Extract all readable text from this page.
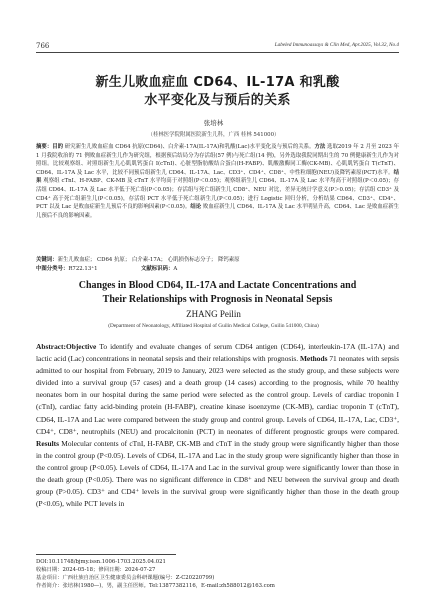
766	Labeled Immunoassays & Clin Med, Apr.2025, Vol.32, No.4
新生儿败血症血 CD64、IL-17A 和乳酸
水平变化及与预后的关系
张培林
（桂林医学院附属医院新生儿科，广西 桂林 541000）
摘要：目的 研究新生儿败血症血 CD64 抗原(CD64)、白介素-17A(IL-17A)和乳酸(Lac)水平变化及与预后的关系。方法 选取2019 年 2 月至 2023 年 1 月我院收治的 71 例败血症新生儿作为研究组，根据预后结局分为存活组(57 例)与死亡组(14 例)，另外选取我院同期出生的 70 例健康新生儿作为对照组。比较观察组、对照组新生儿心肌肌钙蛋白 I(cTnI)、心脏型脂肪酸结合蛋白(H-FABP)、肌酸激酶同工酶(CK-MB)、心肌肌钙蛋白 T(cTnT)、CD64、IL-17A 及 Lac 水平，比较不同预后组新生儿 CD64、IL-17A、Lac、CD3⁺、CD4⁺、CD8⁺、中性粒细胞(NEU)及降钙素原(PCT)水平。结果 观察组 cTnI、H-FABP、CK-MB 及 cTnT 水平均高于对照组(P＜0.05)；观察组新生儿 CD64、IL-17A 及 Lac 水平均高于对照组(P＜0.05)；存活组 CD64、IL-17A 及 Lac 水平低于死亡组(P＜0.05)；存活组与死亡组新生儿 CD8⁺、NEU 对比，差异无统计学意义(P＞0.05)；存活组 CD3⁺ 及 CD4⁺ 高于死亡组新生儿(P＜0.05)，存活组 PCT 水平低于死亡组新生儿(P＜0.05)；进行 Logistic 回归分析，分析结果 CD64、CD3⁺、CD4⁺、PCT 以及 Lac 是败血症新生儿预后不良的影响因素(P＜0.05)。结论 败血症新生儿 CD64、IL-17A 及 Lac 水平明显升高，CD64、Lac 是败血症新生儿预后不良的影响因素。
关键词：新生儿败血症； CD64 抗原； 白介素-17A； 心肌损伤标志分子； 降钙素原
中图分类号：R722.13⁺1	文献标识码：A
Changes in Blood CD64, IL-17A and Lactate Concentrations and
Their Relationships with Prognosis in Neonatal Sepsis
ZHANG Peilin
(Department of Neonatology, Affiliated Hospital of Guilin Medical College, Guilin 541000, China)
Abstract:Objective To identify and evaluate changes of serum CD64 antigen (CD64), interleukin-17A (IL-17A) and lactic acid (Lac) concentrations in neonatal sepsis and their relationships with prognosis. Methods 71 neonates with sepsis admitted to our hospital from February, 2019 to January, 2023 were selected as the study group, and these subjects were divided into a survival group (57 cases) and a death group (14 cases) according to the prognosis, while 70 healthy neonates born in our hospital during the same period were selected as the control group. Levels of cardiac troponin I (cTnI), cardiac fatty acid-binding protein (H-FABP), creatine kinase isoenzyme (CK-MB), cardiac troponin T (cTnT), CD64, IL-17A and Lac were compared between the study group and control group. Levels of CD64, IL-17A, Lac, CD3⁺, CD4⁺, CD8⁺, neutrophils (NEU) and procalcitonin (PCT) in neonates of different prognostic groups were compared. Results Molecular contents of cTnI, H-FABP, CK-MB and cTnT in the study group were significantly higher than those in the control group (P<0.05). Levels of CD64, IL-17A and Lac in the study group were significantly higher than those in the control group (P<0.05). Levels of CD64, IL-17A and Lac in the survival group were significantly lower than those in the death group (P<0.05). There was no significant difference in CD8⁺ and NEU between the survival group and death group (P>0.05). CD3⁺ and CD4⁺ levels in the survival group were significantly higher than those in the death group (P<0.05), while PCT levels in
DOI:10.11748/bjmy.issn.1006-1703.2025.04.021
收稿日期：2024-05-18；修回日期：2024-07-27
基金项目：广西壮族自治区卫生健康委员会科研课题(编号：Z-C20220799)
作者简介：张培林(1980—)，男，副主任医师。Tel:13877382116，E-mail:zh588012@163.com
